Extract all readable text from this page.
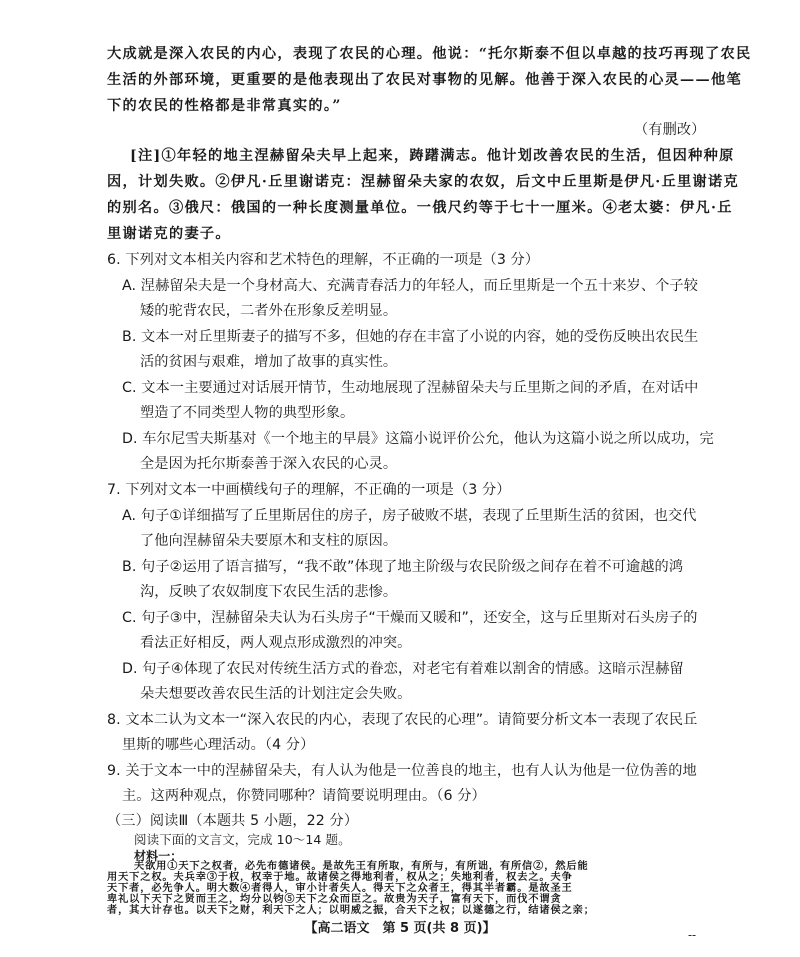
大成就是深入农民的内心，表现了农民的心理。他说：“托尔斯泰不但以卓越的技巧再现了农民
生活的外部环境，更重要的是他表现出了农民对事物的见解。他善于深入农民的心灵——他笔
下的农民的性格都是非常真实的。”
（有删改）
[注]①年轻的地主涅赫留朵夫早上起来，踌躇满志。他计划改善农民的生活，但因种种原
因，计划失败。②伊凡·丘里谢诺克：涅赫留朵夫家的农奴，后文中丘里斯是伊凡·丘里谢诺克
的别名。③俄尺：俄国的一种长度测量单位。一俄尺约等于七十一厘米。④老太婆：伊凡·丘
里谢诺克的妻子。
6. 下列对文本相关内容和艺术特色的理解，不正确的一项是（3 分）
A. 涅赫留朵夫是一个身材高大、充满青春活力的年轻人，而丘里斯是一个五十来岁、个子较
矮的驼背农民，二者外在形象反差明显。
B. 文本一对丘里斯妻子的描写不多，但她的存在丰富了小说的内容，她的受伤反映出农民生
活的贫困与艰难，增加了故事的真实性。
C. 文本一主要通过对话展开情节，生动地展现了涅赫留朵夫与丘里斯之间的矛盾，在对话中
塑造了不同类型人物的典型形象。
D. 车尔尼雪夫斯基对《一个地主的早晨》这篇小说评价公允，他认为这篇小说之所以成功，完
全是因为托尔斯泰善于深入农民的心灵。
7. 下列对文本一中画横线句子的理解，不正确的一项是（3 分）
A. 句子①详细描写了丘里斯居住的房子，房子破败不堪，表现了丘里斯生活的贫困，也交代
了他向涅赫留朵夫要原木和支柱的原因。
B. 句子②运用了语言描写，“我不敢”体现了地主阶级与农民阶级之间存在着不可逾越的鸿
沟，反映了农奴制度下农民生活的悲惨。
C. 句子③中，涅赫留朵夫认为石头房子“干燥而又暖和”，还安全，这与丘里斯对石头房子的
看法正好相反，两人观点形成激烈的冲突。
D. 句子④体现了农民对传统生活方式的眷恋，对老宅有着难以割舍的情感。这暗示涅赫留
朵夫想要改善农民生活的计划注定会失败。
8. 文本二认为文本一“深入农民的内心，表现了农民的心理”。请简要分析文本一表现了农民丘
里斯的哪些心理活动。（4 分）
9. 关于文本一中的涅赫留朵夫，有人认为他是一位善良的地主，也有人认为他是一位伪善的地
主。这两种观点，你赞同哪种？请简要说明理由。（6 分）
（三）阅读Ⅲ（本题共 5 小题，22 分）
阅读下面的文言文，完成 10～14 题。
材料一：
【高二语文　第 5 页(共 8 页)】	--
夫欲用①天下之权者，必先布德诸侯。是故先王有所取，有所与，有所诎，有所信②，然后能
用天下之权。夫兵幸③于权，权幸于地。故诸侯之得地利者，权从之；失地利者，权去之。夫争
天下者，必先争人。明大数④者得人，审小计者失人。得天下之众者王，得其半者霸。是故圣王
卑礼以下天下之贤而王之，均分以钧⑤天下之众而臣之。故贵为天子，富有天下，而伐不谓贪
者，其大计存也。以天下之财，利天下之人；以明威之振，合天下之权；以遂德之行，结诸侯之亲；
